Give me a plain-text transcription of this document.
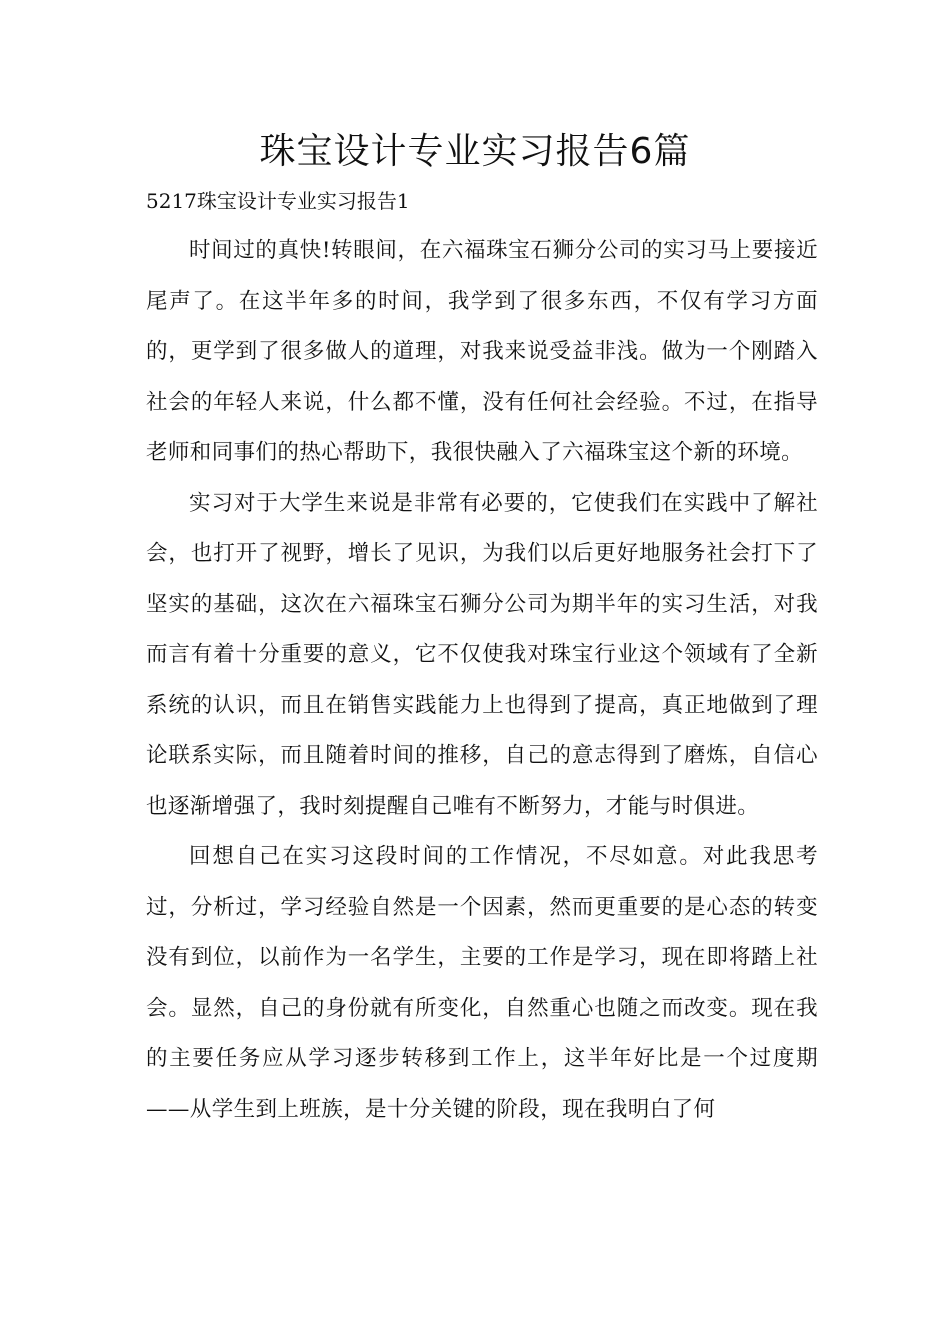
珠宝设计专业实习报告6篇

5217珠宝设计专业实习报告1

时间过的真快!转眼间，在六福珠宝石狮分公司的实习马上要接近尾声了。在这半年多的时间，我学到了很多东西，不仅有学习方面的，更学到了很多做人的道理，对我来说受益非浅。做为一个刚踏入社会的年轻人来说，什么都不懂，没有任何社会经验。不过，在指导老师和同事们的热心帮助下，我很快融入了六福珠宝这个新的环境。

实习对于大学生来说是非常有必要的，它使我们在实践中了解社会，也打开了视野，增长了见识，为我们以后更好地服务社会打下了坚实的基础，这次在六福珠宝石狮分公司为期半年的实习生活，对我而言有着十分重要的意义，它不仅使我对珠宝行业这个领域有了全新系统的认识，而且在销售实践能力上也得到了提高，真正地做到了理论联系实际，而且随着时间的推移，自己的意志得到了磨炼，自信心也逐渐增强了，我时刻提醒自己唯有不断努力，才能与时俱进。

回想自己在实习这段时间的工作情况，不尽如意。对此我思考过，分析过，学习经验自然是一个因素，然而更重要的是心态的转变没有到位，以前作为一名学生，主要的工作是学习，现在即将踏上社会。显然，自己的身份就有所变化，自然重心也随之而改变。现在我的主要任务应从学习逐步转移到工作上，这半年好比是一个过度期——从学生到上班族，是十分关键的阶段，现在我明白了何
